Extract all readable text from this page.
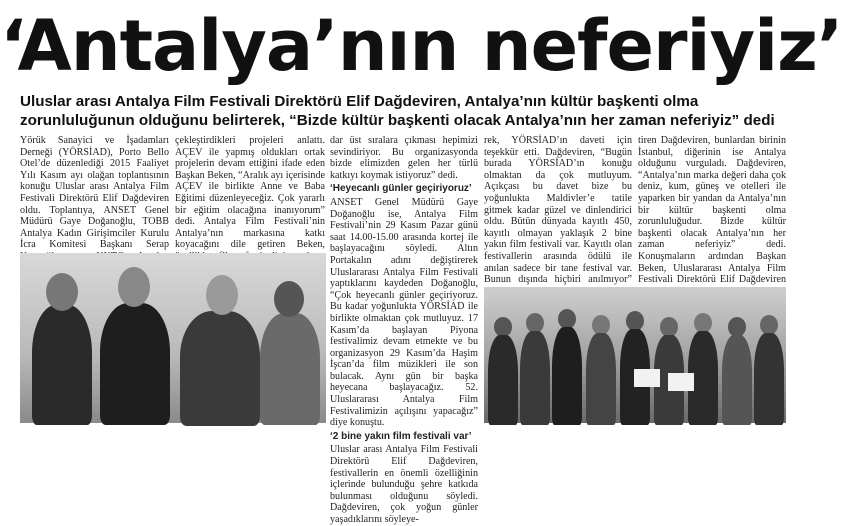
‘Antalya’nın neferiyiz’
Uluslar arası Antalya Film Festivali Direktörü Elif Dağdeviren, Antalya’nın kültür başkenti olma
zorunluluğunun olduğunu belirterek, “Bizde kültür başkenti olacak Antalya’nın her zaman neferiyiz” dedi
Yörük Sanayici ve İşadamları Derneği (YÖRSİAD), Porto Bello Otel’de düzenlediği 2015 Faaliyet Yılı Kasım ayı olağan toplantısının konuğu Uluslar arası Antalya Film Festivali Direktörü Elif Dağdeviren oldu. Toplantıya, ANSET Genel Müdürü Gaye Doğanoğlu, TOBB Antalya Kadın Girişimciler Kurulu İcra Komitesi Başkanı Serap
çekleştirdikleri projeleri anlattı. AÇEV ile yapmış oldukları ortak projelerin devam ettiğini ifade eden Başkan Beken, “Aralık ayı içerisinde AÇEV ile birlikte Anne ve Baba Eğitimi düzenleyeceğiz. Çok yararlı bir eğitim olacağına inanıyorum” dedi. Antalya Film Festivali’nin Antalya’nın markasına katkı koyacağını dile getiren Beken,
dar üst sıralara çıkması hepimizi sevindiriyor. Bu organizasyonda bizde elimizden gelen her türlü katkıyı koymak istiyoruz” dedi.
‘Heyecanlı günler geçiriyoruz’
ANSET Genel Müdürü Gaye Doğanoğlu ise, Antalya Film Festivali’nin 29 Kasım Pazar günü saat 14.00-15.00 arasında kortej ile başlayacağını söyledi. Altın Portakalın adını değiştirerek Uluslararası Antalya Film Festivali yaptıklarını kaydeden Doğanoğlu, “Çok heyecanlı günler geçiriyoruz. Bu kadar yoğunlukta YÖRSİAD ile birlikte olmaktan çok mutluyuz. 17 Kasım’da başlayan Piyona festivalimiz devam etmekte ve bu organizasyon 29 Kasım’da Haşim İşcan’da film müzikleri ile son bulacak. Aynı gün bir başka heyecana başlayacağız. 52. Uluslararası Antalya Film Festivalimizin açılışını yapacağız” diye konuştu.
‘2 bine yakın film festivali var’
Uluslar arası Antalya Film Festivali Direktörü Elif Dağdeviren, festivallerin en önemli özelliğinin içlerinde bulunduğu şehre katkıda bulunması olduğunu söyledi. Dağdeviren, çok yoğun günler yaşadıklarını söyleye-
rek, YÖRSİAD’ın daveti için teşekkür etti. Dağdeviren, “Bugün burada YÖRSİAD’ın konuğu olmaktan da çok mutluyum. Açıkçası bu davet bize bu yoğunlukta Maldivler’e tatile gitmek kadar güzel ve dinlendirici oldu. Bütün dünyada kayıtlı 450, kayıtlı olmayan yaklaşık 2 bine yakın film festivali var. Kayıtlı olan festivallerin arasında ödülü ile anılan sadece bir tane festival var. Bunun dışında hiçbiri anılmıyor”
tiren Dağdeviren, bunlardan birinin İstanbul, diğerinin ise Antalya olduğunu vurguladı. Dağdeviren, “Antalya’nın marka değeri daha çok deniz, kum, güneş ve otelleri ile yaparken bir yandan da Antalya’nın bir kültür başkenti olma zorunluluğudur. Bizde kültür başkenti olacak Antalya’nın her zaman neferiyiz” dedi. Konuşmaların ardından Başkan Beken, Uluslararası Antalya Film Festivali Direktörü Elif Dağdeviren
